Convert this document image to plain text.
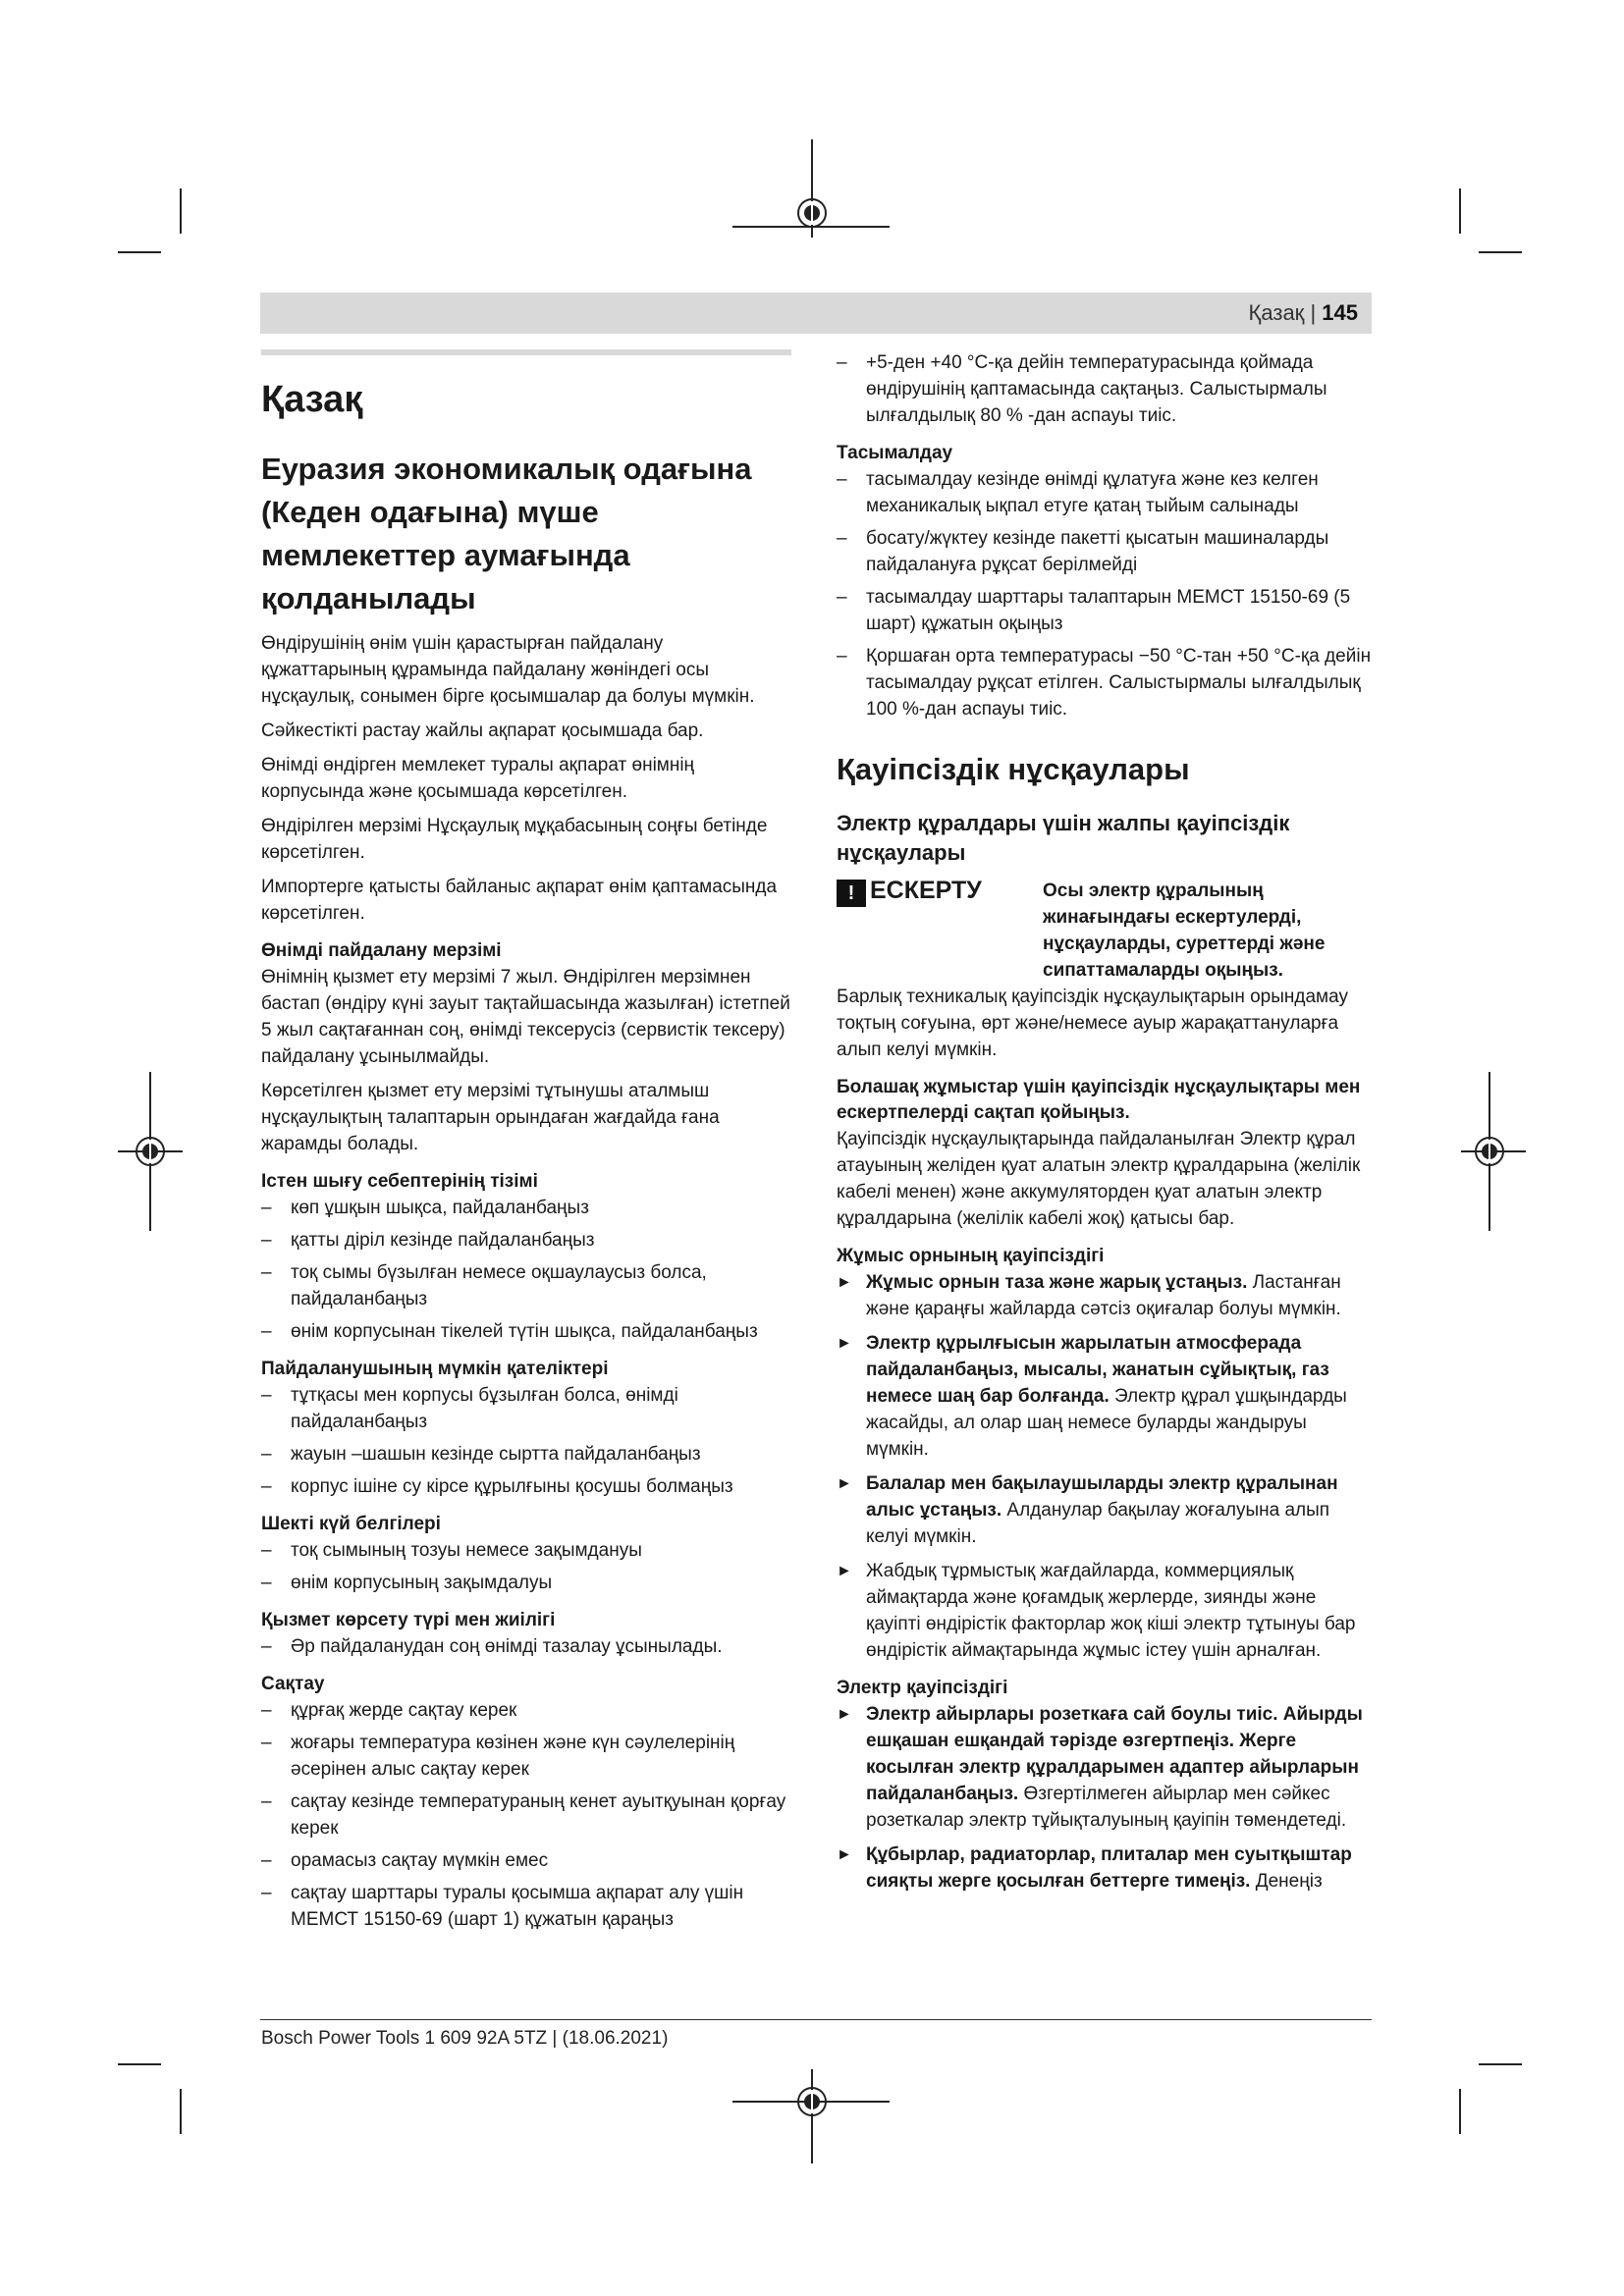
Қазақ | 145
Қазақ
Еуразия экономикалық одағына (Кеден одағына) мүше мемлекеттер аумағында қолданылады

Өндірушінің өнім үшін қарастырған пайдалану құжаттарының құрамында пайдалану жөніндегі осы нұсқаулық, сонымен бірге қосымшалар да болуы мүмкін.

Сәйкестікті растау жайлы ақпарат қосымшада бар.

Өнімді өндірген мемлекет туралы ақпарат өнімнің корпусында және қосымшада көрсетілген.

Өндірілген мерзімі Нұсқаулық мұқабасының соңғы бетінде көрсетілген.

Импортерге қатысты байланыс ақпарат өнім қаптамасында көрсетілген.

Өнімді пайдалану мерзімі

Өнімнің қызмет ету мерзімі 7 жыл. Өндірілген мерзімнен бастап (өндіру күні зауыт тақтайшасында жазылған) істетпей 5 жыл сақтағаннан соң, өнімді тексерусіз (сервистік тексеру) пайдалану ұсынылмайды.

Көрсетілген қызмет ету мерзімі тұтынушы аталмыш нұсқаулықтың талаптарын орындаған жағдайда ғана жарамды болады.

Істен шығу себептерінің тізімі
– көп ұшқын шықса, пайдаланбаңыз
– қатты діріл кезінде пайдаланбаңыз
– тоқ сымы бүзылған немесе оқшаулаусыз болса, пайдаланбаңыз
– өнім корпусынан тікелей түтін шықса, пайдаланбаңыз
Пайдаланушының мүмкін қателіктері
– тұтқасы мен корпусы бұзылған болса, өнімді пайдаланбаңыз
– жауын –шашын кезінде сыртта пайдаланбаңыз
– корпус ішіне су кірсе құрылғыны қосушы болмаңыз
Шекті күй белгілері
– тоқ сымының тозуы немесе зақымдануы
– өнім корпусының зақымдалуы
Қызмет көрсету түрі мен жиілігі
– Әр пайдаланудан соң өнімді тазалау ұсынылады.
Сақтау
– құрғақ жерде сақтау керек
– жоғары температура көзінен және күн сәулелерінің әсерінен алыс сақтау керек
– сақтау кезінде температураның кенет ауытқуынан қорғау керек
– орамасыз сақтау мүмкін емес
– сақтау шарттары туралы қосымша ақпарат алу үшін МЕМСТ 15150-69 (шарт 1) құжатын қараңыз
– +5-ден +40 °C-қа дейін температурасында қоймада өндірушінің қаптамасында сақтаңыз. Салыстырмалы ылғалдылық 80 % -дан аспауы тиіс.
Тасымалдау
– тасымалдау кезінде өнімді құлатуға және кез келген механикалық ықпал етуге қатаң тыйым салынады
– босату/жүктеу кезінде пакетті қысатын машиналарды пайдалануға рұқсат берілмейді
– тасымалдау шарттары талаптарын МЕМСТ 15150-69 (5 шарт) құжатын оқыңыз
– Қоршаған орта температурасы −50 °C-тан +50 °C-қа дейін тасымалдау рұқсат етілген. Салыстырмалы ылғалдылық 100 %-дан аспауы тиіс.
Қауіпсіздік нұсқаулары
Электр құралдары үшін жалпы қауіпсіздік нұсқаулары
! ЕСКЕРТУ	Осы электр құралының жинағындағы ескертулерді, нұсқауларды, суреттерді және сипаттамаларды оқыңыз.

Барлық техникалық қауіпсіздік нұсқаулықтарын орындамау тоқтың соғуына, өрт және/немесе ауыр жарақаттануларға алып келуі мүмкін.

Болашақ жұмыстар үшін қауіпсіздік нұсқаулықтары мен ескертпелерді сақтап қойыңыз.

Қауіпсіздік нұсқаулықтарында пайдаланылған Электр құрал атауының желіден қуат алатын электр құралдарына (желілік кабелі менен) және аккумуляторден қуат алатын электр құралдарына (желілік кабелі жоқ) қатысы бар.

Жұмыс орнының қауіпсіздігі
► Жұмыс орнын таза және жарық ұстаңыз. Ластанған және қараңғы жайларда сәтсіз оқиғалар болуы мүмкін.
► Электр құрылғысын жарылатын атмосферада пайдаланбаңыз, мысалы, жанатын сұйықтық, газ немесе шаң бар болғанда. Электр құрал ұшқындарды жасайды, ал олар шаң немесе буларды жандыруы мүмкін.
► Балалар мен бақылаушыларды электр құралынан алыс ұстаңыз. Алданулар бақылау жоғалуына алып келуі мүмкін.
► Жабдық тұрмыстық жағдайларда, коммерциялық аймақтарда және қоғамдық жерлерде, зиянды және қауіпті өндірістік факторлар жоқ кіші электр тұтынуы бар өндірістік аймақтарында жұмыс істеу үшін арналған.
Электр қауіпсіздігі
► Электр айырлары розеткаға сай боулы тиіс. Айырды ешқашан ешқандай тәрізде өзгертпеңіз. Жерге косылған электр құралдарымен адаптер айырларын пайдаланбаңыз. Өзгертілмеген айырлар мен сәйкес розеткалар электр тұйықталуының қауіпін төмендетеді.
► Құбырлар, радиаторлар, плиталар мен суытқыштар сияқты жерге қосылған беттерге тимеңіз. Денеңіз
Bosch Power Tools 1 609 92A 5TZ | (18.06.2021)
